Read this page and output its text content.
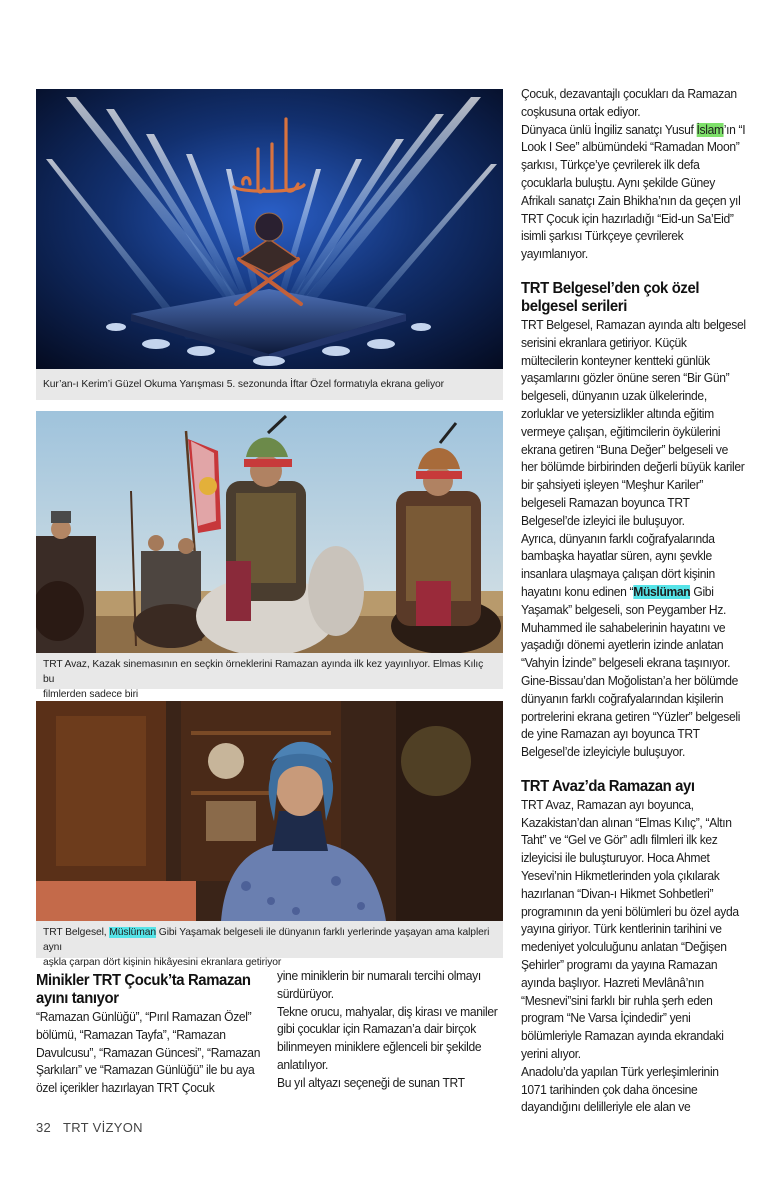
Kur’an-ı Kerim’i Güzel Okuma Yarışması 5. sezonunda İftar Özel formatıyla ekrana geliyor
TRT Avaz, Kazak sinemasının en seçkin örneklerini Ramazan ayında ilk kez yayınlıyor. Elmas Kılıç bu
filmlerden sadece biri
TRT Belgesel, Müslüman Gibi Yaşamak belgeseli ile dünyanın farklı yerlerinde yaşayan ama kalpleri aynı
aşkla çarpan dört kişinin hikâyesini ekranlara getiriyor

Çocuk, dezavantajlı çocukları da Ramazan coşkusuna ortak ediyor.

Dünyaca ünlü İngiliz sanatçı Yusuf İslam’ın “I Look I See” albümündeki “Ramadan Moon” şarkısı, Türkçe’ye çevrilerek ilk defa çocuklarla buluştu. Aynı şekilde Güney Afrikalı sanatçı Zain Bhikha’nın da geçen yıl TRT Çocuk için hazırladığı “Eid-un Sa’Eid” isimli şarkısı Türkçeye çevrilerek yayımlanıyor.

TRT Belgesel’den çok özel belgesel serileri

TRT Belgesel, Ramazan ayında altı belgesel serisini ekranlara getiriyor. Küçük mültecilerin konteyner kentteki günlük yaşamlarını gözler önüne seren “Bir Gün” belgeseli, dünyanın uzak ülkelerinde, zorluklar ve yetersizlikler altında eğitim vermeye çalışan, eğitimcilerin öykülerini ekrana getiren “Buna Değer” belgeseli ve her bölümde birbirinden değerli büyük kariler bir şahsiyeti işleyen “Meşhur Kariler” belgeseli Ramazan boyunca TRT Belgesel’de izleyici ile buluşuyor.

Ayrıca, dünyanın farklı coğrafyalarında bambaşka hayatlar süren, aynı şevkle insanlara ulaşmaya çalışan dört kişinin hayatını konu edinen “Müslüman Gibi Yaşamak” belgeseli, son Peygamber Hz. Muhammed ile sahabelerinin hayatını ve yaşadığı dönemi ayetlerin izinde anlatan “Vahyin İzinde” belgeseli ekrana taşınıyor.

Gine-Bissau’dan Moğolistan’a her bölümde dünyanın farklı coğrafyalarından kişilerin portrelerini ekrana getiren “Yüzler” belgeseli de yine Ramazan ayı boyunca TRT Belgesel’de izleyiciyle buluşuyor.

TRT Avaz’da Ramazan ayı

TRT Avaz, Ramazan ayı boyunca, Kazakistan’dan alınan “Elmas Kılıç”, “Altın Taht” ve “Gel ve Gör” adlı filmleri ilk kez izleyicisi ile buluşturuyor. Hoca Ahmet Yesevi’nin Hikmetlerinden yola çıkılarak hazırlanan “Divan-ı Hikmet Sohbetleri” programının da yeni bölümleri bu özel ayda yayına giriyor. Türk kentlerinin tarihini ve medeniyet yolculuğunu anlatan “Değişen Şehirler” programı da yayına Ramazan ayında başlıyor. Hazreti Mevlânâ’nın “Mesnevi”sini farklı bir ruhla şerh eden program “Ne Varsa İçindedir” yeni bölümleriyle Ramazan ayında ekrandaki yerini alıyor.

Anadolu’da yapılan Türk yerleşimlerinin 1071 tarihinden çok daha öncesine dayandığını delilleriyle ele alan ve

Minikler TRT Çocuk’ta Ramazan ayını tanıyor
“Ramazan Günlüğü”, “Pırıl Ramazan Özel” bölümü, “Ramazan Tayfa”, “Ramazan Davulcusu”, “Ramazan Güncesi”, “Ramazan Şarkıları” ve “Ramazan Günlüğü” ile bu aya özel içerikler hazırlayan TRT Çocuk

yine miniklerin bir numaralı tercihi olmayı sürdürüyor.

Tekne orucu, mahyalar, diş kirası ve maniler gibi çocuklar için Ramazan’a dair birçok bilinmeyen miniklere eğlenceli bir şekilde anlatılıyor.

Bu yıl altyazı seçeneği de sunan TRT

32 TRT VİZYON
